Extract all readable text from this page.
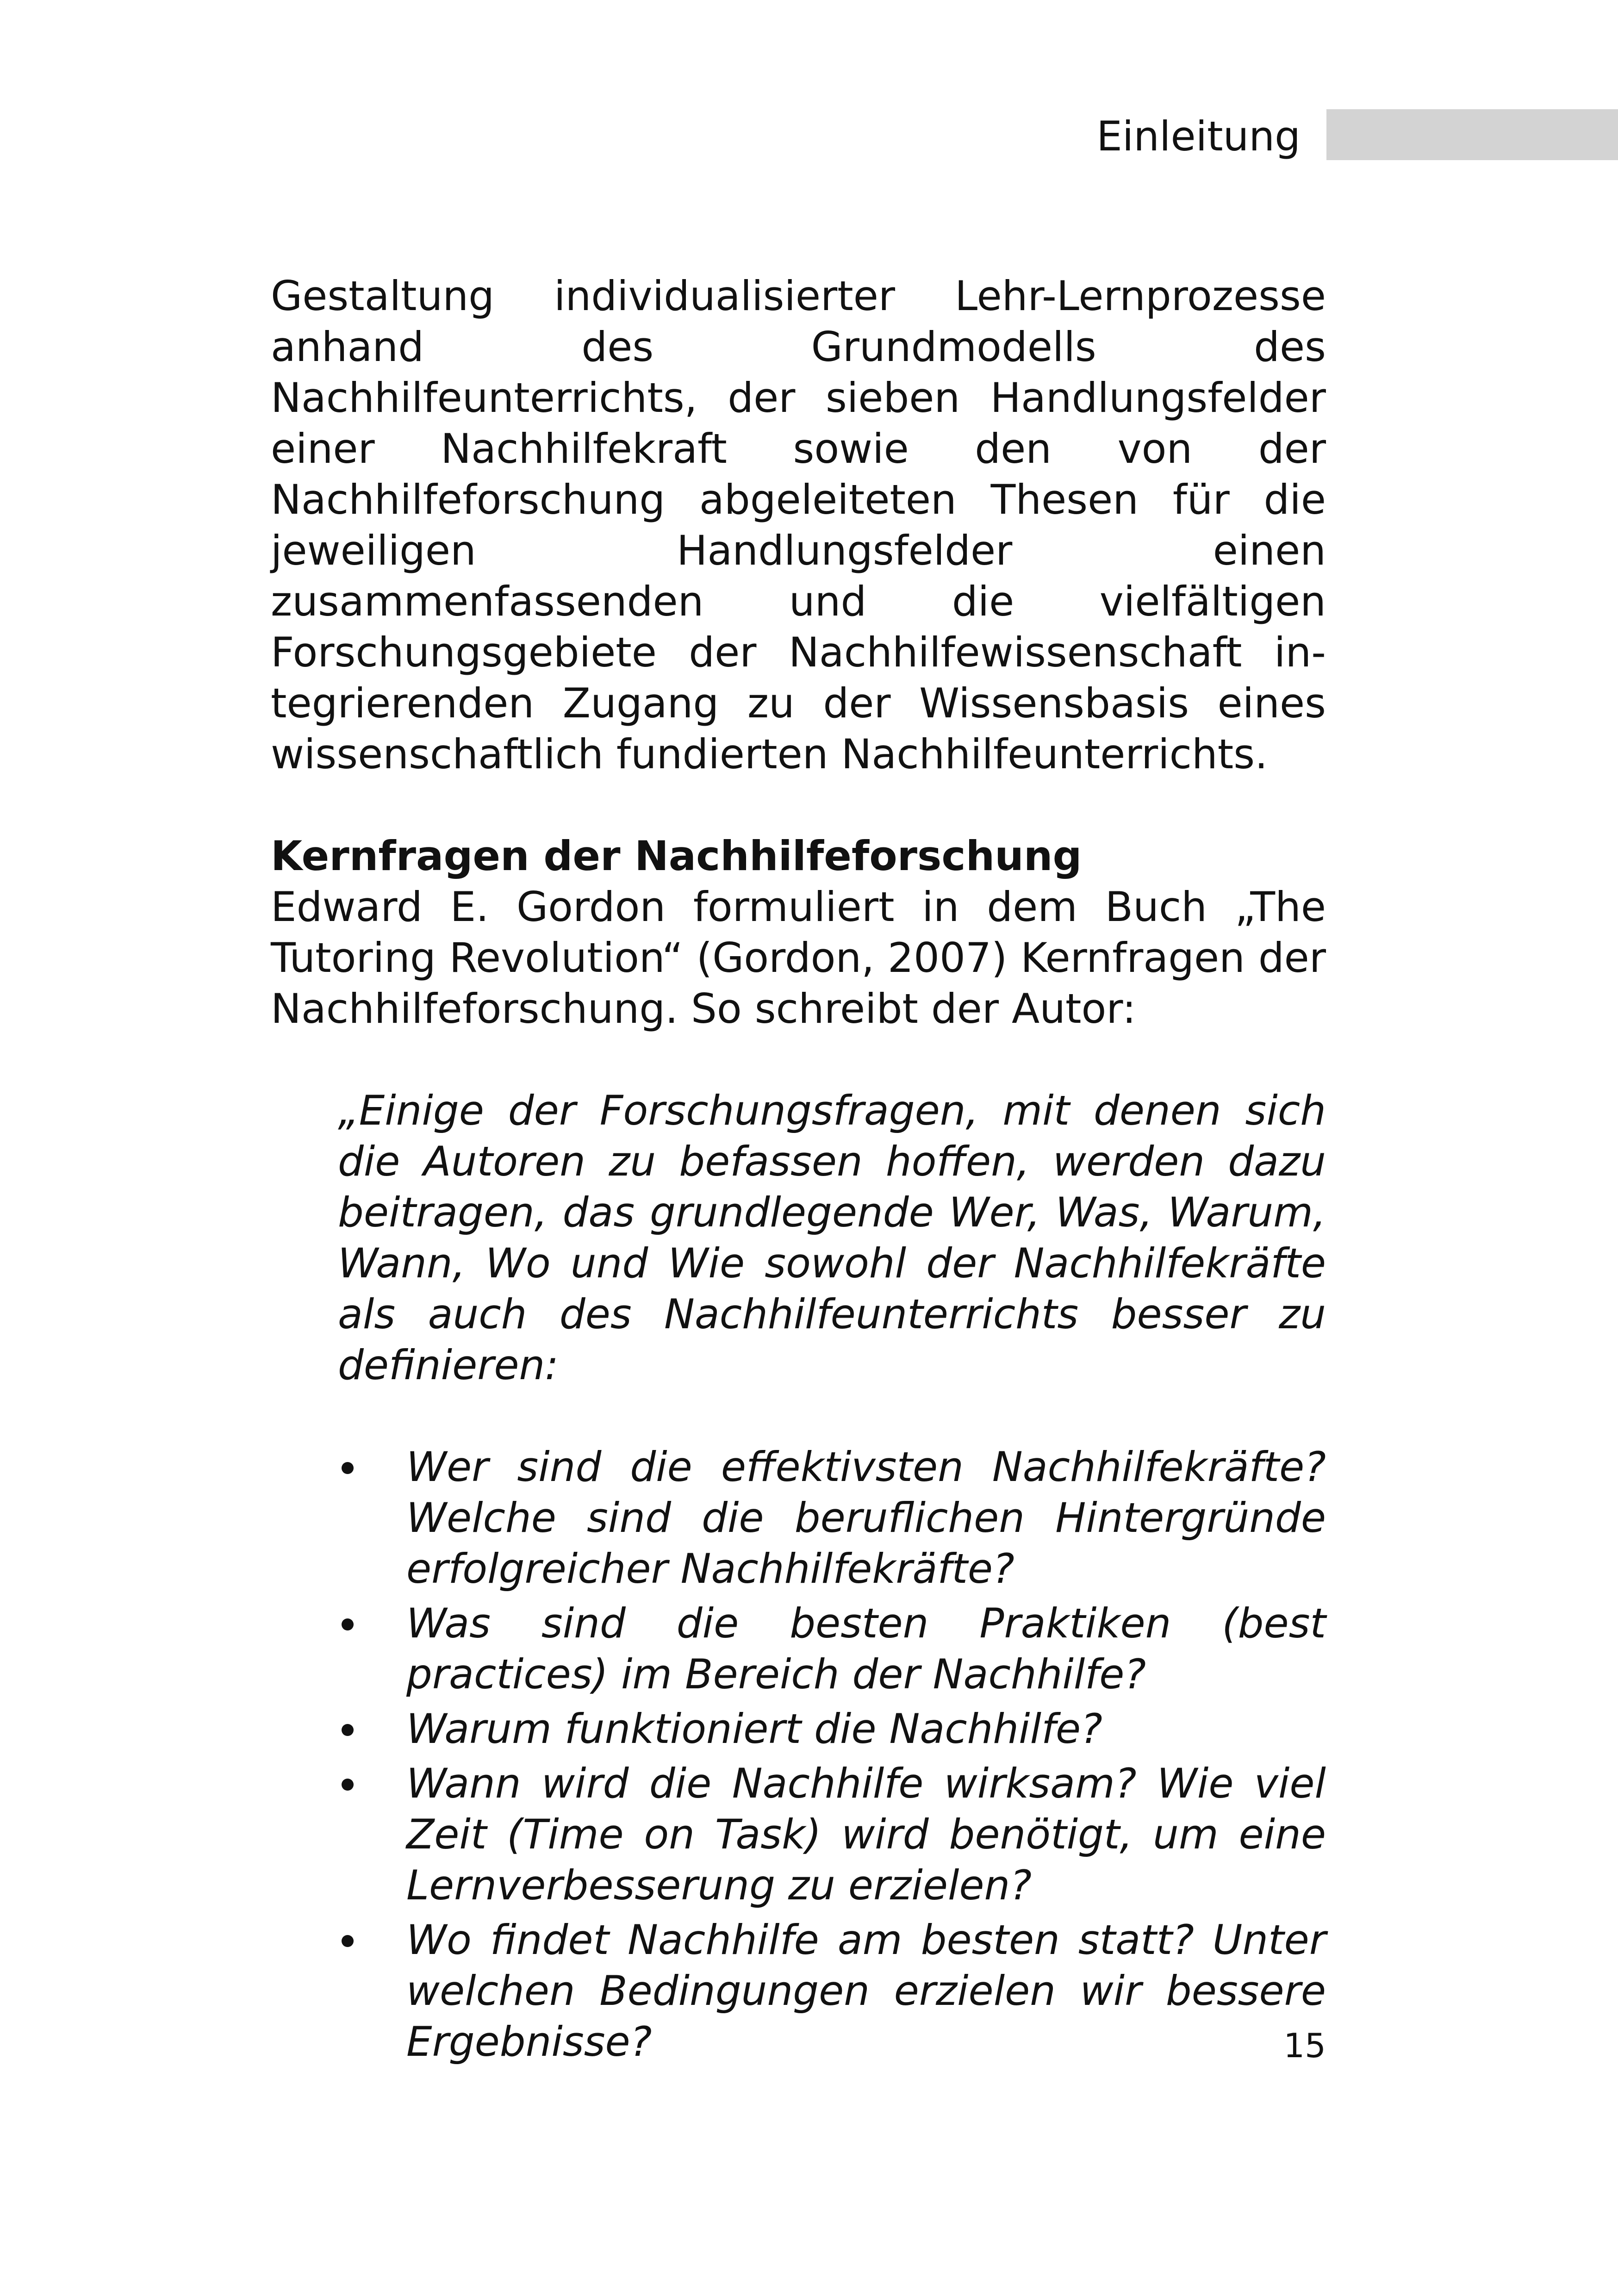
Einleitung

Gestaltung individualisierter Lehr-Lernprozesse anhand des Grundmodells des Nachhilfeunterrichts, der sieben Handlungsfelder einer Nachhilfekraft sowie den von der Nachhilfeforschung abgeleiteten Thesen für die jeweiligen Handlungsfelder einen zusammenfassenden und die vielfältigen Forschungsgebiete der Nachhilfewissenschaft integrierenden Zugang zu der Wissensbasis eines wissenschaftlich fundierten Nachhilfeunterrichts.

Kernfragen der Nachhilfeforschung

Edward E. Gordon formuliert in dem Buch „The Tutoring Revolution“ (Gordon, 2007) Kernfragen der Nachhilfeforschung. So schreibt der Autor:

„Einige der Forschungsfragen, mit denen sich die Autoren zu befassen hoffen, werden dazu beitragen, das grundlegende Wer, Was, Warum, Wann, Wo und Wie sowohl der Nachhilfekräfte als auch des Nachhilfeunterrichts besser zu definieren:

Wer sind die effektivsten Nachhilfekräfte? Welche sind die beruflichen Hintergründe erfolgreicher Nachhilfekräfte?
Was sind die besten Praktiken (best practices) im Bereich der Nachhilfe?
Warum funktioniert die Nachhilfe?
Wann wird die Nachhilfe wirksam? Wie viel Zeit (Time on Task) wird benötigt, um eine Lernverbesserung zu erzielen?
Wo findet Nachhilfe am besten statt? Unter welchen Bedingungen erzielen wir bessere Ergebnisse?	15
